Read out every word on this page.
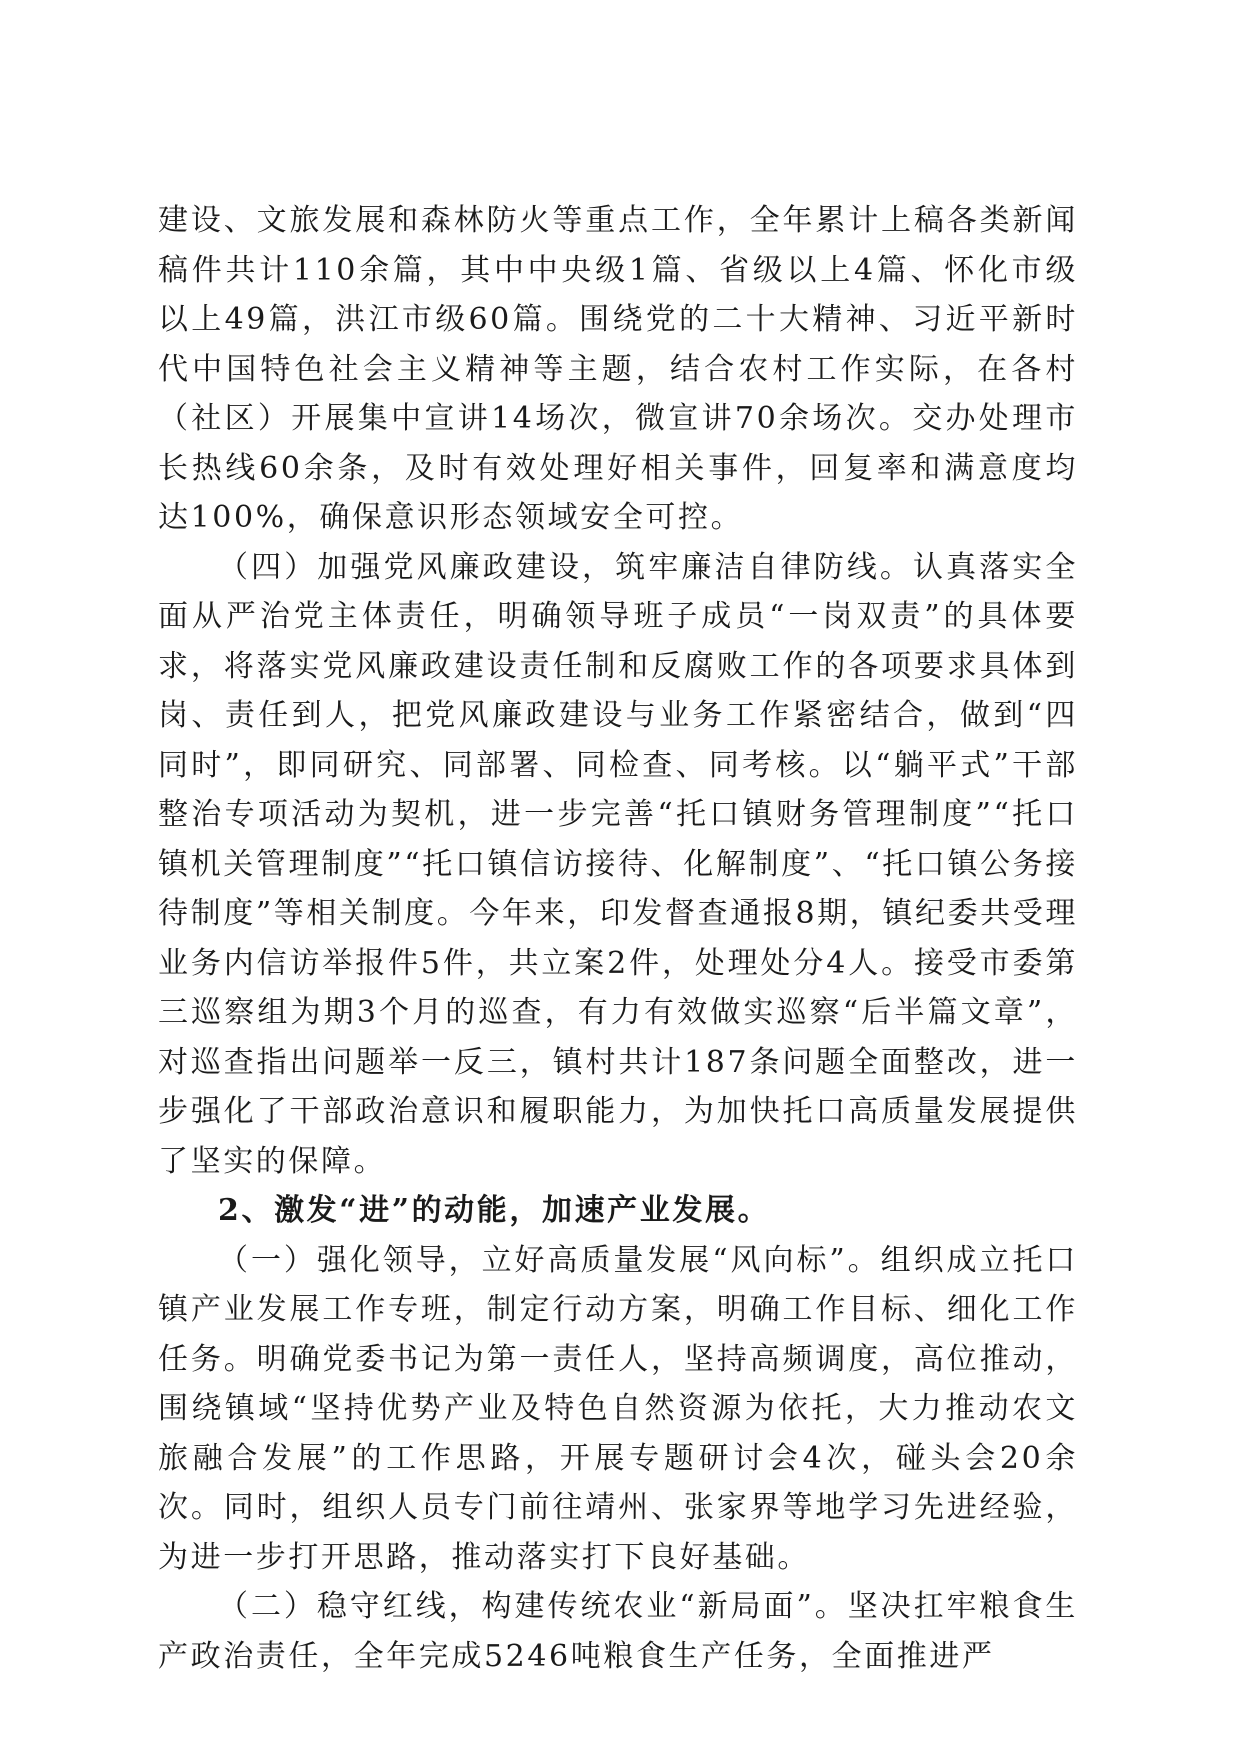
建设、文旅发展和森林防火等重点工作，全年累计上稿各类新闻稿件共计110余篇，其中中央级1篇、省级以上4篇、怀化市级以上49篇，洪江市级60篇。围绕党的二十大精神、习近平新时代中国特色社会主义精神等主题，结合农村工作实际，在各村（社区）开展集中宣讲14场次，微宣讲70余场次。交办处理市长热线60余条，及时有效处理好相关事件，回复率和满意度均达100%，确保意识形态领域安全可控。

（四）加强党风廉政建设，筑牢廉洁自律防线。认真落实全面从严治党主体责任，明确领导班子成员“一岗双责”的具体要求，将落实党风廉政建设责任制和反腐败工作的各项要求具体到岗、责任到人，把党风廉政建设与业务工作紧密结合，做到“四同时”，即同研究、同部署、同检查、同考核。以“躺平式”干部整治专项活动为契机，进一步完善“托口镇财务管理制度”“托口镇机关管理制度”“托口镇信访接待、化解制度”、“托口镇公务接待制度”等相关制度。今年来，印发督查通报8期，镇纪委共受理业务内信访举报件5件，共立案2件，处理处分4人。接受市委第三巡察组为期3个月的巡查，有力有效做实巡察“后半篇文章”，对巡查指出问题举一反三，镇村共计187条问题全面整改，进一步强化了干部政治意识和履职能力，为加快托口高质量发展提供了坚实的保障。

2、激发“进”的动能，加速产业发展。

（一）强化领导，立好高质量发展“风向标”。组织成立托口镇产业发展工作专班，制定行动方案，明确工作目标、细化工作任务。明确党委书记为第一责任人，坚持高频调度，高位推动，围绕镇域“坚持优势产业及特色自然资源为依托，大力推动农文旅融合发展”的工作思路，开展专题研讨会4次，碰头会20余次。同时，组织人员专门前往靖州、张家界等地学习先进经验，为进一步打开思路，推动落实打下良好基础。

（二）稳守红线，构建传统农业“新局面”。坚决扛牢粮食生产政治责任，全年完成5246吨粮食生产任务，全面推进严
